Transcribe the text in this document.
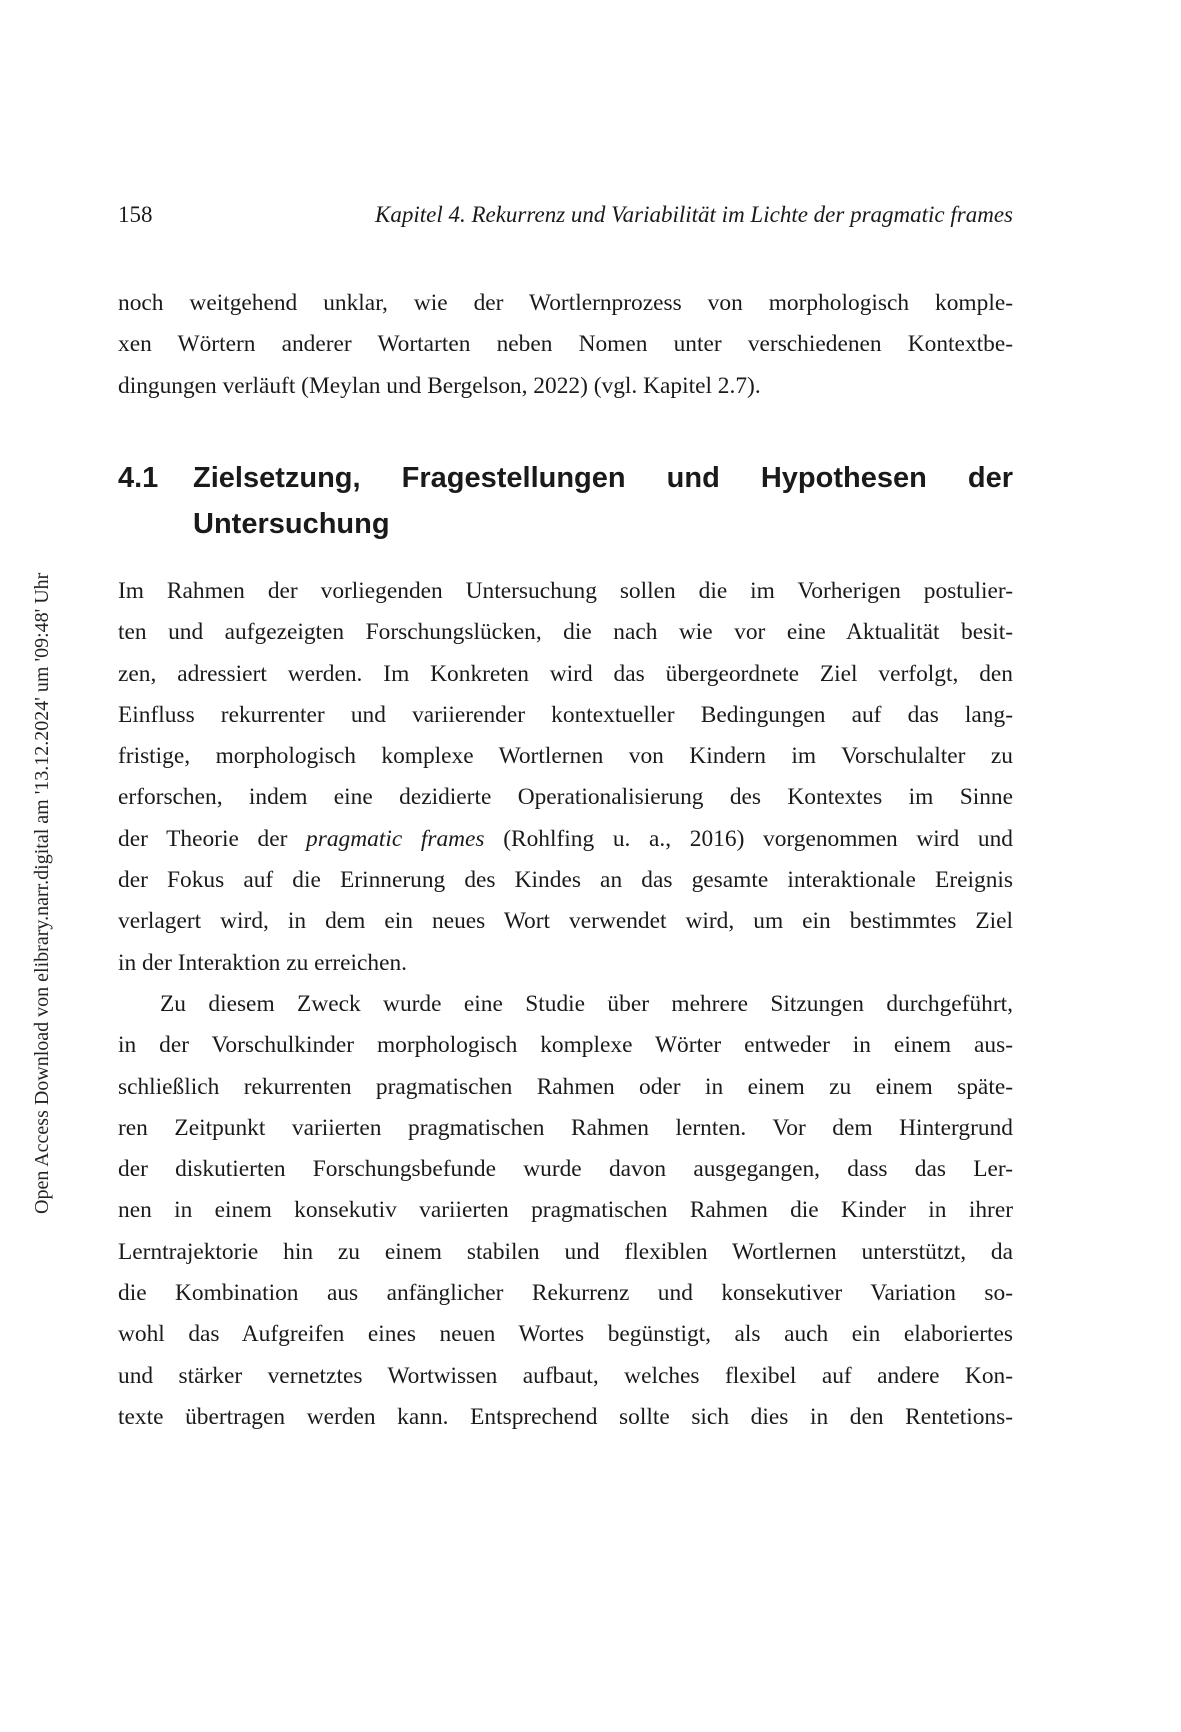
158	Kapitel 4. Rekurrenz und Variabilität im Lichte der pragmatic frames
Open Access Download von elibrary.narr.digital am '13.12.2024' um '09:48' Uhr
noch weitgehend unklar, wie der Wortlernprozess von morphologisch komple-
xen Wörtern anderer Wortarten neben Nomen unter verschiedenen Kontextbe-
dingungen verläuft (Meylan und Bergelson, 2022) (vgl. Kapitel 2.7).
4.1 Zielsetzung, Fragestellungen und Hypothesen der Untersuchung
Im Rahmen der vorliegenden Untersuchung sollen die im Vorherigen postulier-
ten und aufgezeigten Forschungslücken, die nach wie vor eine Aktualität besit-
zen, adressiert werden. Im Konkreten wird das übergeordnete Ziel verfolgt, den
Einfluss rekurrenter und variierender kontextueller Bedingungen auf das lang-
fristige, morphologisch komplexe Wortlernen von Kindern im Vorschulalter zu
erforschen, indem eine dezidierte Operationalisierung des Kontextes im Sinne
der Theorie der pragmatic frames (Rohlfing u. a., 2016) vorgenommen wird und
der Fokus auf die Erinnerung des Kindes an das gesamte interaktionale Ereignis
verlagert wird, in dem ein neues Wort verwendet wird, um ein bestimmtes Ziel
in der Interaktion zu erreichen.
Zu diesem Zweck wurde eine Studie über mehrere Sitzungen durchgeführt,
in der Vorschulkinder morphologisch komplexe Wörter entweder in einem aus-
schließlich rekurrenten pragmatischen Rahmen oder in einem zu einem späte-
ren Zeitpunkt variierten pragmatischen Rahmen lernten. Vor dem Hintergrund
der diskutierten Forschungsbefunde wurde davon ausgegangen, dass das Ler-
nen in einem konsekutiv variierten pragmatischen Rahmen die Kinder in ihrer
Lerntrajektorie hin zu einem stabilen und flexiblen Wortlernen unterstützt, da
die Kombination aus anfänglicher Rekurrenz und konsekutiver Variation so-
wohl das Aufgreifen eines neuen Wortes begünstigt, als auch ein elaboriertes
und stärker vernetztes Wortwissen aufbaut, welches flexibel auf andere Kon-
texte übertragen werden kann. Entsprechend sollte sich dies in den Rentetions-
